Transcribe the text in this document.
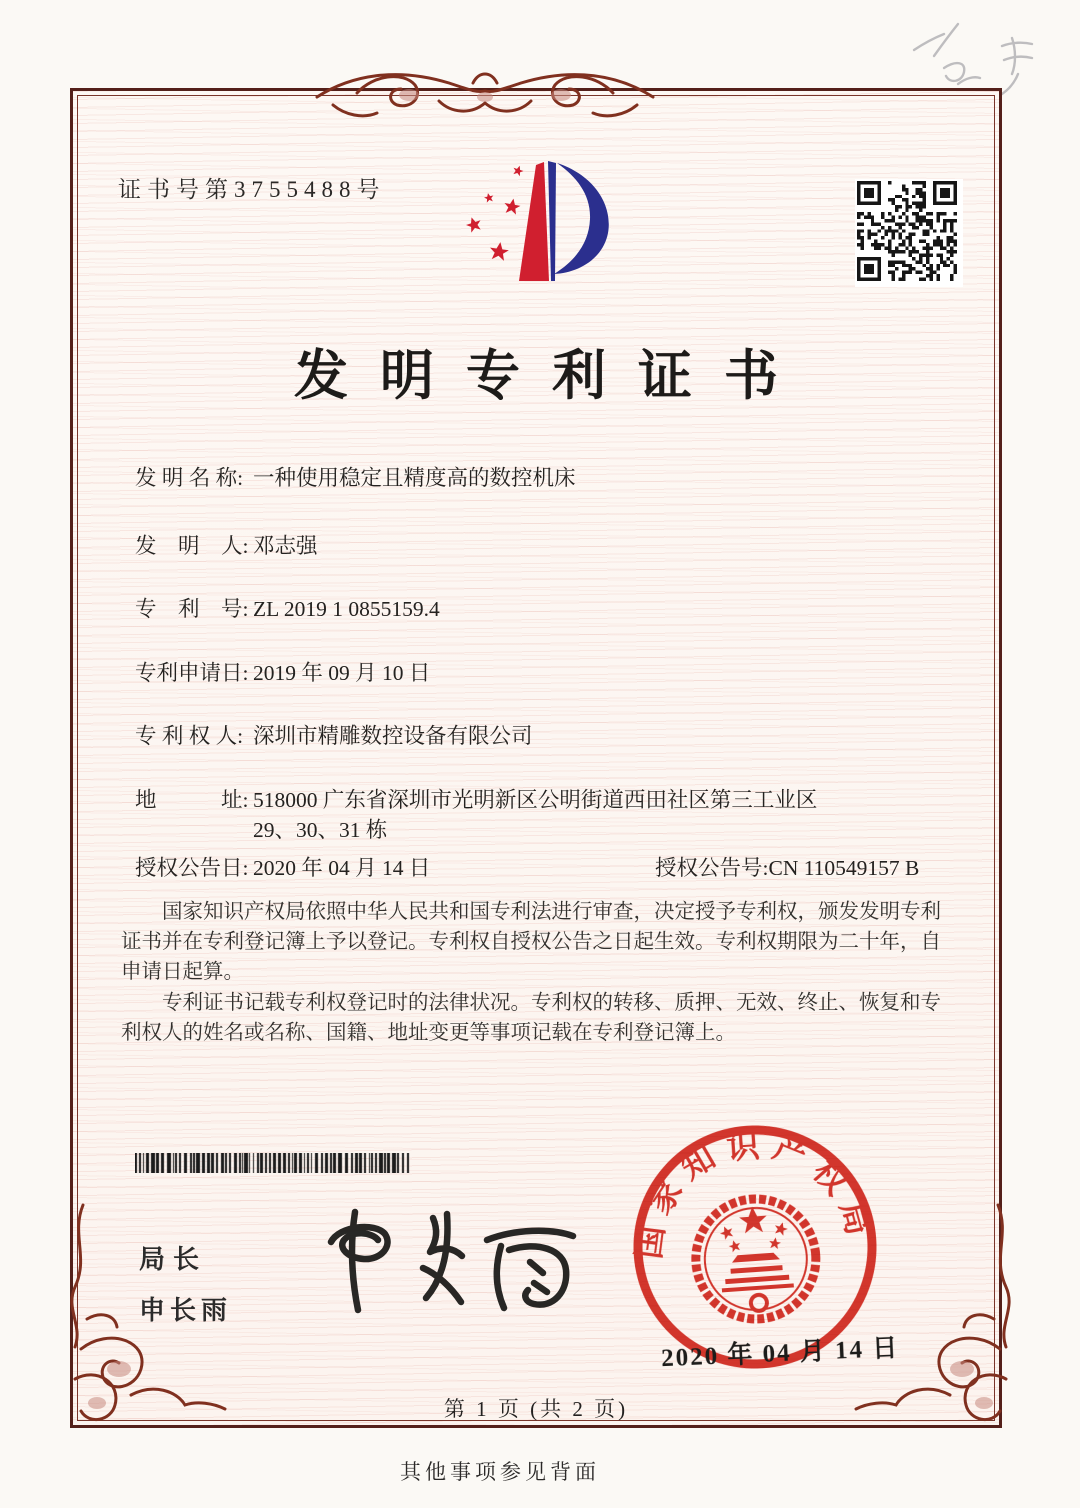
证书号第3755488号
发明专利证书
发 明 名 称: 一种使用稳定且精度高的数控机床
发　明　人: 邓志强
专　利　号: ZL 2019 1 0855159.4
专利申请日: 2019 年 09 月 10 日
专 利 权 人: 深圳市精雕数控设备有限公司
地　　　址: 518000 广东省深圳市光明新区公明街道西田社区第三工业区 29、30、31 栋
授权公告日: 2020 年 04 月 14 日	授权公告号: CN 110549157 B

国家知识产权局依照中华人民共和国专利法进行审查，决定授予专利权，颁发发明专利证书并在专利登记簿上予以登记。专利权自授权公告之日起生效。专利权期限为二十年，自申请日起算。

专利证书记载专利权登记时的法律状况。专利权的转移、质押、无效、终止、恢复和专利权人的姓名或名称、国籍、地址变更等事项记载在专利登记簿上。

局长
申长雨
国家知识产权局
2020 年 04 月 14 日
第 1 页 (共 2 页)
其他事项参见背面
